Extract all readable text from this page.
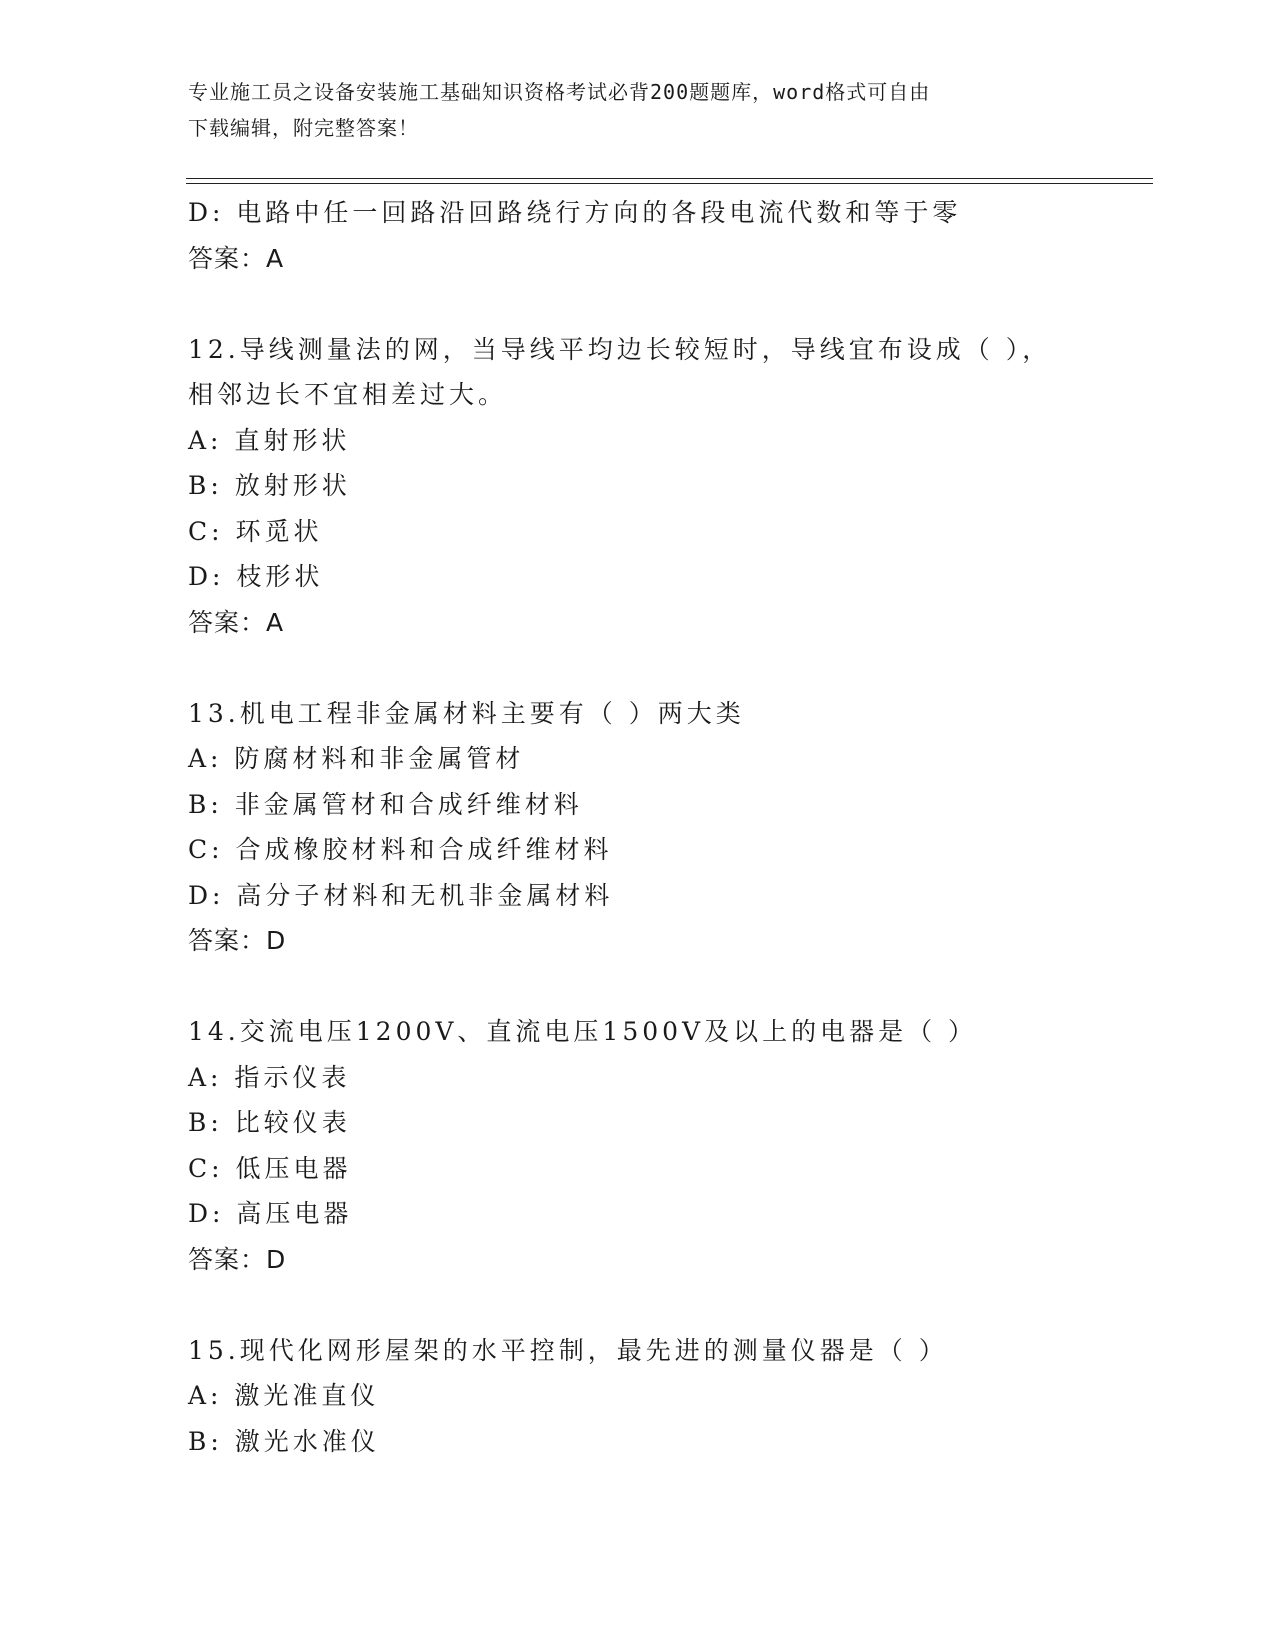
专业施工员之设备安装施工基础知识资格考试必背200题题库，word格式可自由
下载编辑，附完整答案！
D: 电路中任一回路沿回路绕行方向的各段电流代数和等于零
答案：A
12.导线测量法的网，当导线平均边长较短时，导线宜布设成（ ），
相邻边长不宜相差过大。
A: 直射形状
B: 放射形状
C: 环觅状
D: 枝形状
答案：A
13.机电工程非金属材料主要有（ ）两大类
A: 防腐材料和非金属管材
B: 非金属管材和合成纤维材料
C: 合成橡胶材料和合成纤维材料
D: 高分子材料和无机非金属材料
答案：D
14.交流电压1200V、直流电压1500V及以上的电器是（ ）
A: 指示仪表
B: 比较仪表
C: 低压电器
D: 高压电器
答案：D
15.现代化网形屋架的水平控制，最先进的测量仪器是（ ）
A: 激光准直仪
B: 激光水准仪
